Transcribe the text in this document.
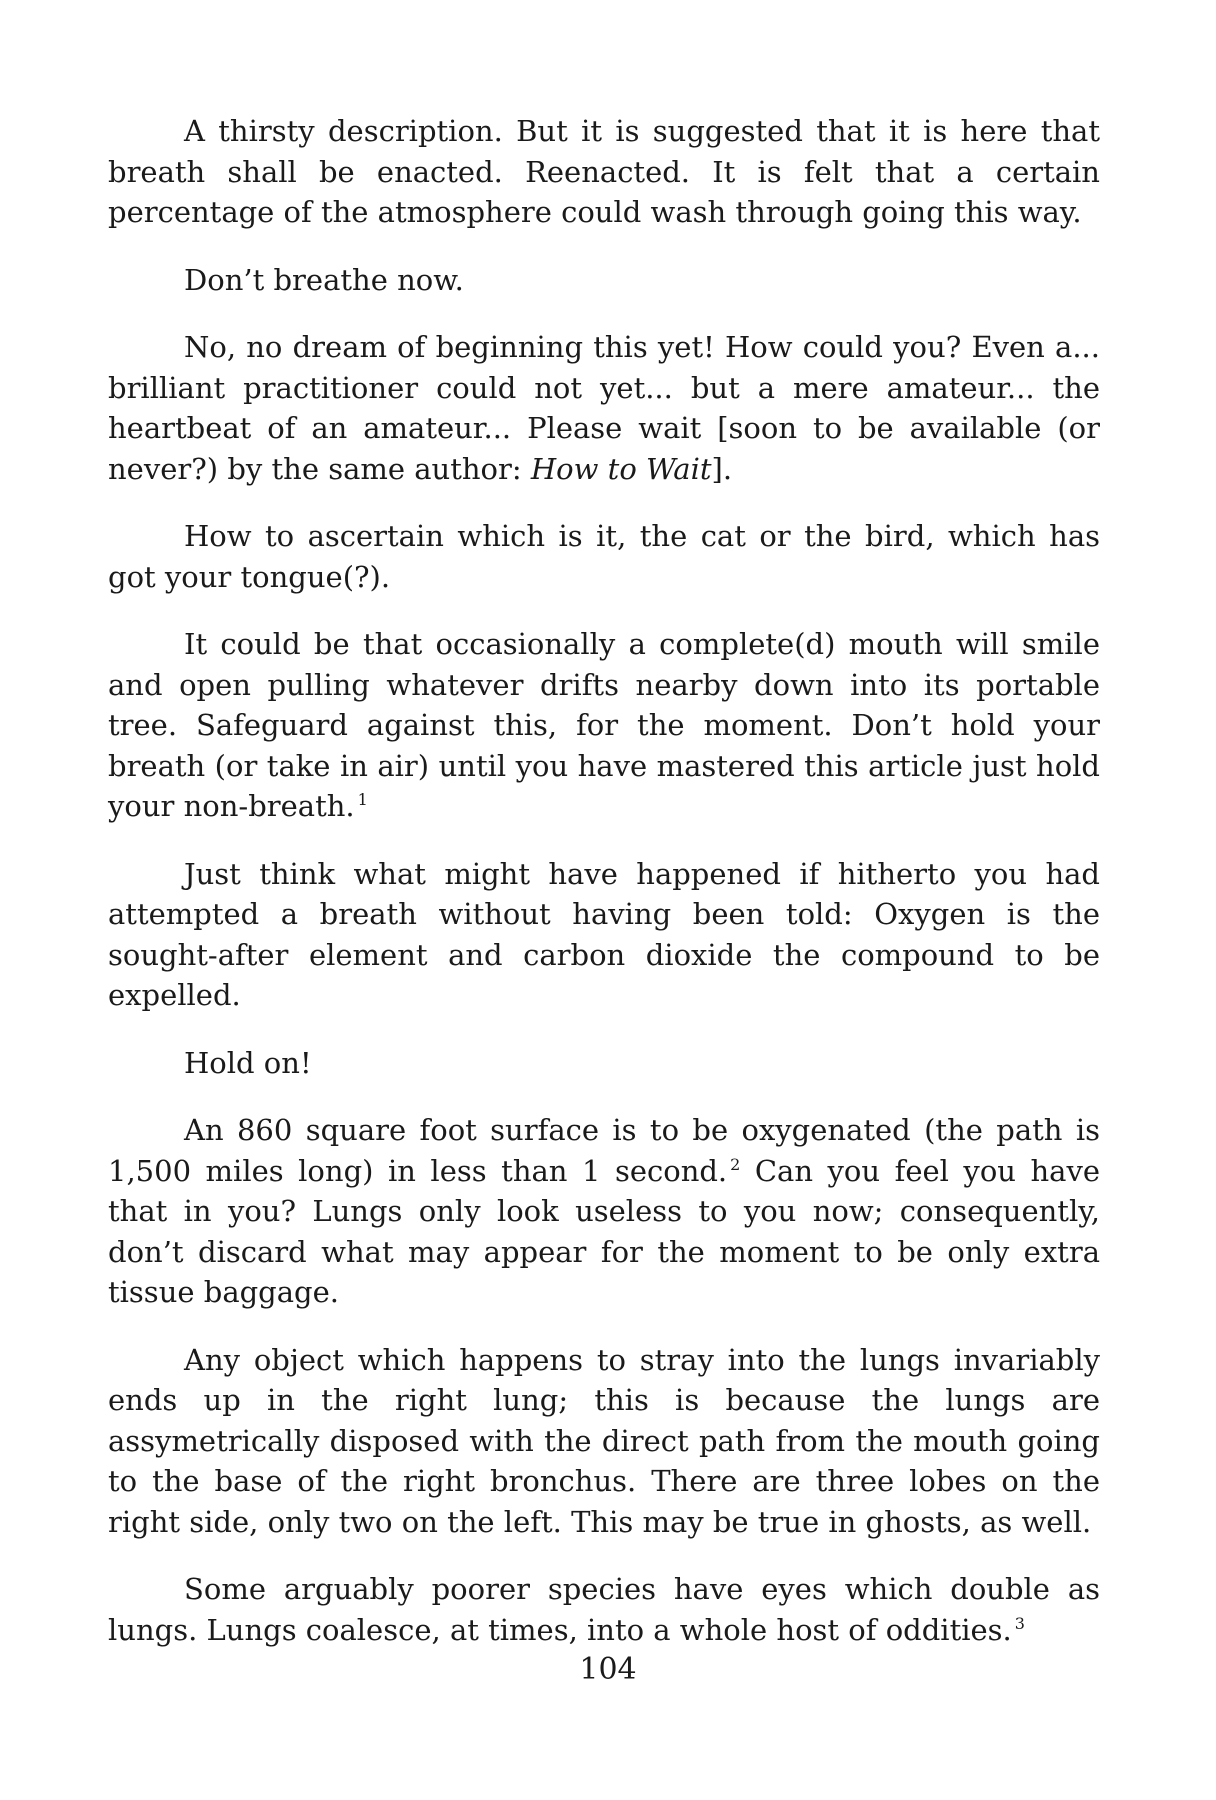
A thirsty description. But it is suggested that it is here that breath shall be enacted. Reenacted. It is felt that a certain percentage of the atmosphere could wash through going this way.

Don’t breathe now.

No, no dream of beginning this yet! How could you? Even a... brilliant practitioner could not yet... but a mere amateur... the heartbeat of an amateur... Please wait [soon to be available (or never?) by the same author: How to Wait].

How to ascertain which is it, the cat or the bird, which has got your tongue(?).

It could be that occasionally a complete(d) mouth will smile and open pulling whatever drifts nearby down into its portable tree. Safeguard against this, for the moment. Don’t hold your breath (or take in air) until you have mastered this article just hold your non-breath. $^1$

Just think what might have happened if hitherto you had attempted a breath without having been told: Oxygen is the sought-after element and carbon dioxide the compound to be expelled.

Hold on!

An 860 square foot surface is to be oxygenated (the path is 1,500 miles long) in less than 1 second. $^2$ Can you feel you have that in you? Lungs only look useless to you now; consequently, don’t discard what may appear for the moment to be only extra tissue baggage.

Any object which happens to stray into the lungs invariably ends up in the right lung; this is because the lungs are assymetrically disposed with the direct path from the mouth going to the base of the right bronchus. There are three lobes on the right side, only two on the left. This may be true in ghosts, as well.

Some arguably poorer species have eyes which double as lungs. Lungs coalesce, at times, into a whole host of oddities. $^3$

104
